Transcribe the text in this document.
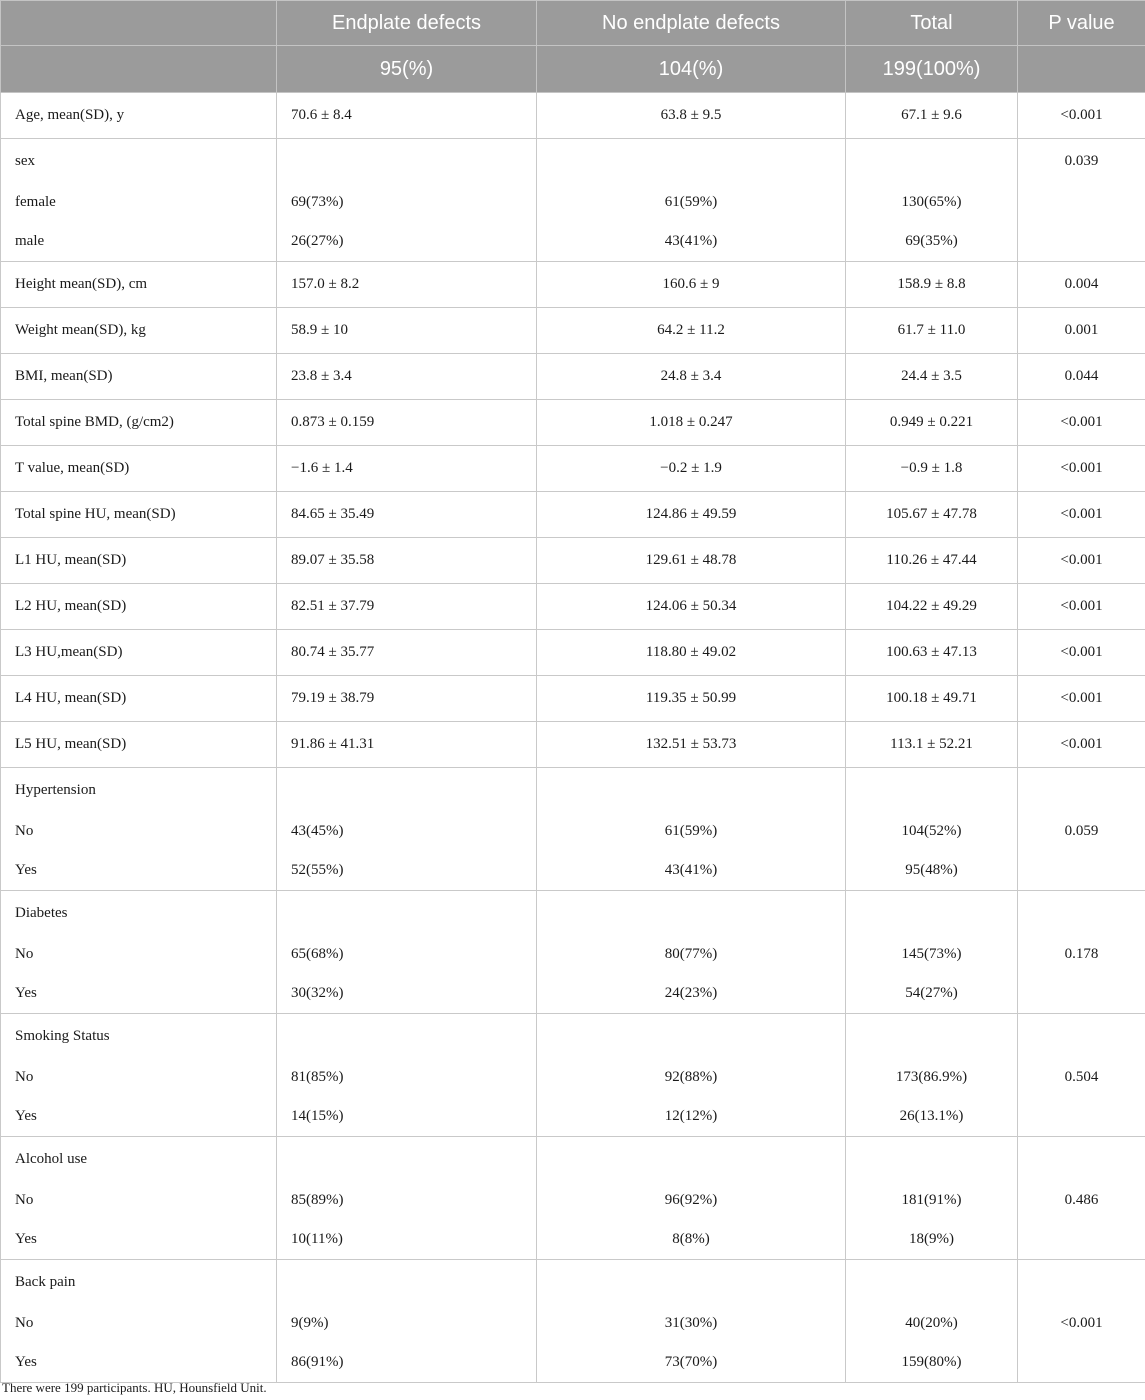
	Endplate defects	No endplate defects	Total	P value
	95(%)	104(%)	199(100%)	
Age, mean(SD), y	70.6 ± 8.4	63.8 ± 9.5	67.1 ± 9.6	<0.001
sex				0.039
female	69(73%)	61(59%)	130(65%)	
male	26(27%)	43(41%)	69(35%)	
Height mean(SD), cm	157.0 ± 8.2	160.6 ± 9	158.9 ± 8.8	0.004
Weight mean(SD), kg	58.9 ± 10	64.2 ± 11.2	61.7 ± 11.0	0.001
BMI, mean(SD)	23.8 ± 3.4	24.8 ± 3.4	24.4 ± 3.5	0.044
Total spine BMD, (g/cm2)	0.873 ± 0.159	1.018 ± 0.247	0.949 ± 0.221	<0.001
T value, mean(SD)	−1.6 ± 1.4	−0.2 ± 1.9	−0.9 ± 1.8	<0.001
Total spine HU, mean(SD)	84.65 ± 35.49	124.86 ± 49.59	105.67 ± 47.78	<0.001
L1 HU, mean(SD)	89.07 ± 35.58	129.61 ± 48.78	110.26 ± 47.44	<0.001
L2 HU, mean(SD)	82.51 ± 37.79	124.06 ± 50.34	104.22 ± 49.29	<0.001
L3 HU,mean(SD)	80.74 ± 35.77	118.80 ± 49.02	100.63 ± 47.13	<0.001
L4 HU, mean(SD)	79.19 ± 38.79	119.35 ± 50.99	100.18 ± 49.71	<0.001
L5 HU, mean(SD)	91.86 ± 41.31	132.51 ± 53.73	113.1 ± 52.21	<0.001
Hypertension				
No	43(45%)	61(59%)	104(52%)	0.059
Yes	52(55%)	43(41%)	95(48%)	
Diabetes				
No	65(68%)	80(77%)	145(73%)	0.178
Yes	30(32%)	24(23%)	54(27%)	
Smoking Status				
No	81(85%)	92(88%)	173(86.9%)	0.504
Yes	14(15%)	12(12%)	26(13.1%)	
Alcohol use				
No	85(89%)	96(92%)	181(91%)	0.486
Yes	10(11%)	8(8%)	18(9%)	
Back pain				
No	9(9%)	31(30%)	40(20%)	<0.001
Yes	86(91%)	73(70%)	159(80%)	
There were 199 participants. HU, Hounsfield Unit.
